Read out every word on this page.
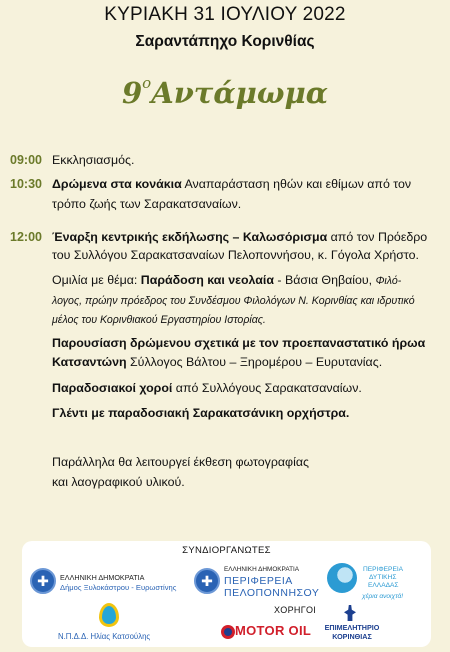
ΚΥΡΙΑΚΗ 31 ΙΟΥΛΙΟΥ 2022
Σαραντάπηχο Κορινθίας
$9^oA\nu\tau ά\mu\omega\mu\alpha$
09:00 Εκκλησιασμός.
10:30 Δρώμενα στα κονάκια Αναπαράσταση ηθών και εθίμων από τον
τρόπο ζωής των Σαρακατσαναίων.
12:00 Έναρξη κεντρικής εκδήλωσης – Καλωσόρισμα από τον Πρόεδρο
του Συλλόγου Σαρακατσαναίων Πελοποννήσου, κ. Γόγολα Χρήστο.
Ομιλία με θέμα: Παράδοση και νεολαία - Βάσια Θηβαίου, Φιλό-
λογος, πρώην πρόεδρος του Συνδέσμου Φιλολόγων Ν. Κορινθίας και ιδρυτικό
μέλος του Κορινθιακού Εργαστηρίου Ιστορίας.
Παρουσίαση δρώμενου σχετικά με τον προεπαναστατικό ήρωα
Κατσαντώνη Σύλλογος Βάλτου – Ξηρομέρου – Ευρυτανίας.
Παραδοσιακοί χοροί από Συλλόγους Σαρακατσαναίων.
Γλέντι με παραδοσιακή Σαρακατσάνικη ορχήστρα.
Παράλληλα θα λειτουργεί έκθεση φωτογραφίας
και λαογραφικού υλικού.
ΣΥΝΔΙΟΡΓΑΝΩΤΕΣ
✚
ΕΛΛΗΝΙΚΗ ΔΗΜΟΚΡΑΤΙΑ
Δήμος Ξυλοκάστρου - Ευρωστίνης
✚
ΕΛΛΗΝΙΚΗ ΔΗΜΟΚΡΑΤΙΑ
ΠΕΡΙΦΕΡΕΙΑ
ΠΕΛΟΠΟΝΝΗΣΟΥ
ΠΕΡΙΦΕΡΕΙΑ
ΔΥΤΙΚΗΣ
ΕΛΛΑΔΑΣ
χέρια ανοιχτά!
ΧΟΡΗΓΟΙ
Ν.Π.Δ.Δ. Ηλίας Κατσούλης	MOTOR OIL ΕΠΙΜΕΛΗΤΗΡΙΟ
ΚΟΡΙΝΘΙΑΣ
